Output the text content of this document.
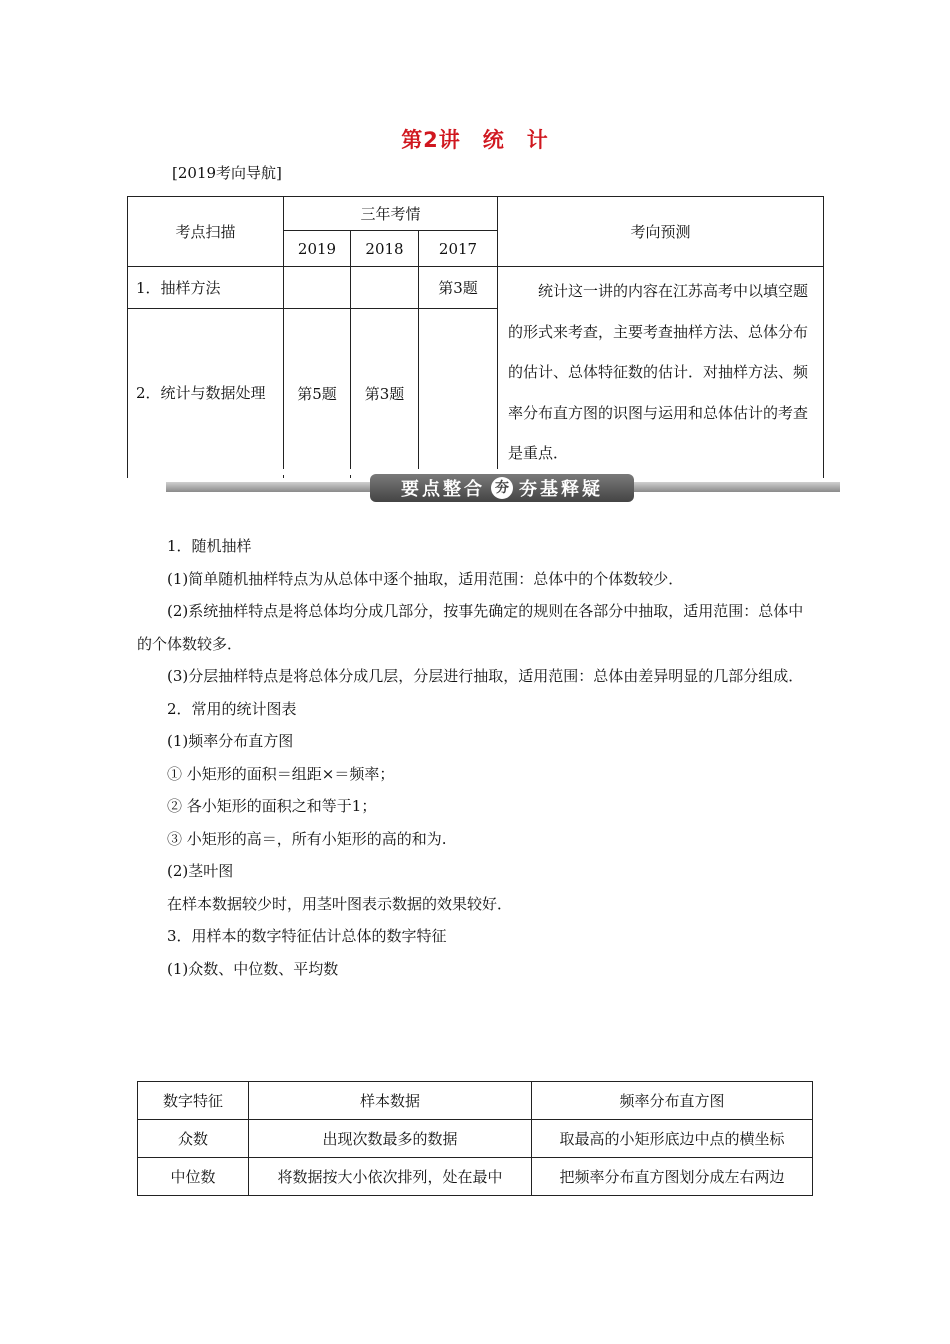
第2讲　统　计
[2019考向导航]
考点扫描	三年考情			考向预测
	2019	2018	2017	
1．抽样方法			第3题	统计这一讲的内容在江苏高考中以填空题的形式来考查，主要考查抽样方法、总体分布的估计、总体特征数的估计．对抽样方法、频率分布直方图的识图与运用和总体估计的考查是重点．
2．统计与数据处理	第5题	第3题		
要点整合 夯 夯基释疑

1．随机抽样

(1)简单随机抽样特点为从总体中逐个抽取，适用范围：总体中的个体数较少．

(2)系统抽样特点是将总体均分成几部分，按事先确定的规则在各部分中抽取，适用范围：总体中的个体数较多．

(3)分层抽样特点是将总体分成几层，分层进行抽取，适用范围：总体由差异明显的几部分组成．

2．常用的统计图表

(1)频率分布直方图

① 小矩形的面积＝组距×＝频率；

② 各小矩形的面积之和等于1；

③ 小矩形的高＝，所有小矩形的高的和为.

(2)茎叶图

在样本数据较少时，用茎叶图表示数据的效果较好．

3．用样本的数字特征估计总体的数字特征

(1)众数、中位数、平均数

数字特征	样本数据	频率分布直方图
众数	出现次数最多的数据	取最高的小矩形底边中点的横坐标
中位数	将数据按大小依次排列，处在最中	把频率分布直方图划分成左右两边
